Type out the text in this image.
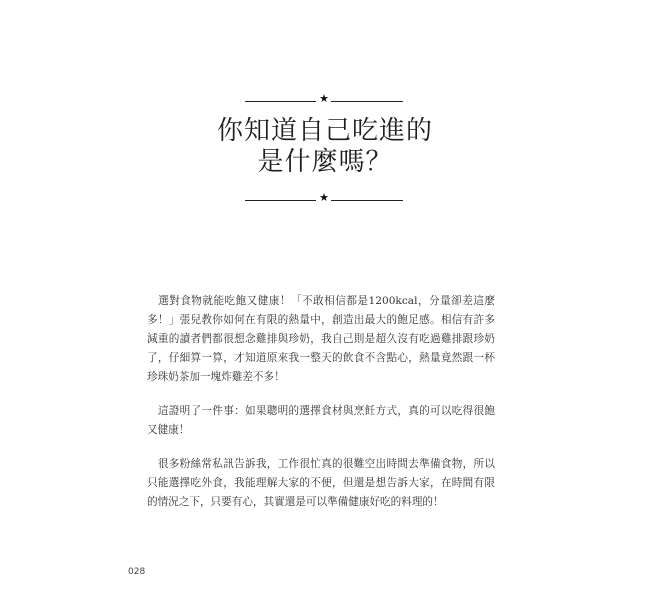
★
你知道自己吃進的
是什麼嗎？
★

　選對食物就能吃飽又健康！「不敢相信都是1200kcal，分量卻差這麼多！」張兒教你如何在有限的熱量中，創造出最大的飽足感。相信有許多減重的讀者們都很想念雞排與珍奶，我自己則是超久沒有吃過雞排跟珍奶了，仔細算一算，才知道原來我一整天的飲食不含點心，熱量竟然跟一杯珍珠奶茶加一塊炸雞差不多！

　這證明了一件事：如果聰明的選擇食材與烹飪方式，真的可以吃得很飽又健康！

　很多粉絲常私訊告訴我，工作很忙真的很難空出時間去準備食物，所以只能選擇吃外食，我能理解大家的不便，但還是想告訴大家，在時間有限的情況之下，只要有心，其實還是可以準備健康好吃的料理的！

028
